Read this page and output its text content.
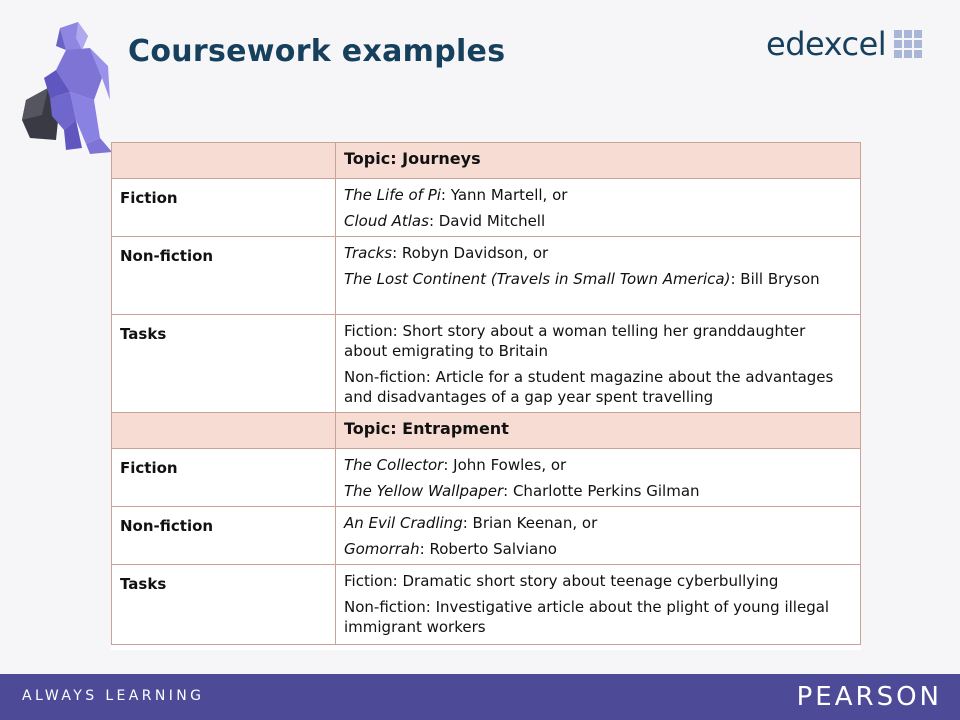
Coursework examples	edexcel
	Topic: Journeys
Fiction	The Life of Pi: Yann Martell, or
Cloud Atlas: David Mitchell

Non-fiction	Tracks: Robyn Davidson, or
The Lost Continent (Travels in Small Town America): Bill Bryson

Tasks	Fiction: Short story about a woman telling her granddaughter about emigrating to Britain
Non-fiction: Article for a student magazine about the advantages and disadvantages of a gap year spent travelling

	Topic: Entrapment
Fiction	The Collector: John Fowles, or
The Yellow Wallpaper: Charlotte Perkins Gilman

Non-fiction	An Evil Cradling: Brian Keenan, or
Gomorrah: Roberto Salviano

Tasks	Fiction: Dramatic short story about teenage cyberbullying
Non-fiction: Investigative article about the plight of young illegal immigrant workers
ALWAYS LEARNING	PEARSON
